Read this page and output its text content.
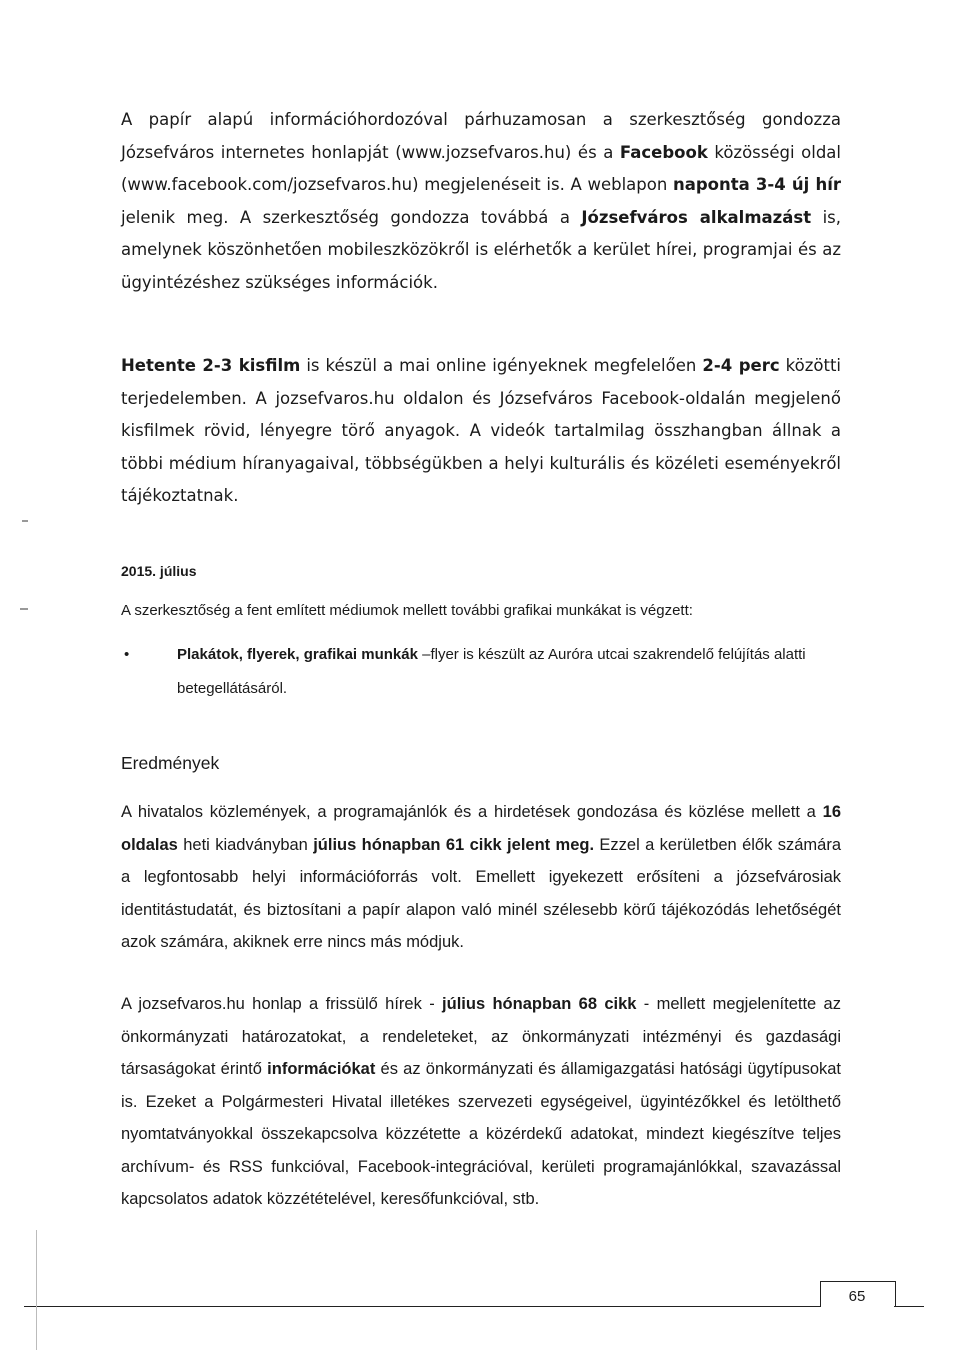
A papír alapú információhordozóval párhuzamosan a szerkesztőség gondozza Józsefváros internetes honlapját (www.jozsefvaros.hu) és a Facebook közösségi oldal (www.facebook.com/jozsefvaros.hu) megjelenéseit is. A weblapon naponta 3-4 új hír jelenik meg. A szerkesztőség gondozza továbbá a Józsefváros alkalmazást is, amelynek köszönhetően mobileszközökről is elérhetők a kerület hírei, programjai és az ügyintézéshez szükséges információk.

Hetente 2-3 kisfilm is készül a mai online igényeknek megfelelően 2-4 perc közötti terjedelemben. A jozsefvaros.hu oldalon és Józsefváros Facebook-oldalán megjelenő kisfilmek rövid, lényegre törő anyagok. A videók tartalmilag összhangban állnak a többi médium híranyagaival, többségükben a helyi kulturális és közéleti eseményekről tájékoztatnak.

2015. július

A szerkesztőség a fent említett médiumok mellett további grafikai munkákat is végzett:

•	Plakátok, flyerek, grafikai munkák –flyer is készült az Auróra utcai szakrendelő felújítás alatti
betegellátásáról.

Eredmények

A hivatalos közlemények, a programajánlók és a hirdetések gondozása és közlése mellett a 16 oldalas heti kiadványban július hónapban 61 cikk jelent meg. Ezzel a kerületben élők számára a legfontosabb helyi információforrás volt. Emellett igyekezett erősíteni a józsefvárosiak identitástudatát, és biztosítani a papír alapon való minél szélesebb körű tájékozódás lehetőségét azok számára, akiknek erre nincs más módjuk.

A jozsefvaros.hu honlap a frissülő hírek - július hónapban 68 cikk - mellett megjelenítette az önkormányzati határozatokat, a rendeleteket, az önkormányzati intézményi és gazdasági társaságokat érintő információkat és az önkormányzati és államigazgatási hatósági ügytípusokat is. Ezeket a Polgármesteri Hivatal illetékes szervezeti egységeivel, ügyintézőkkel és letölthető nyomtatványokkal összekapcsolva közzétette a közérdekű adatokat, mindezt kiegészítve teljes archívum- és RSS funkcióval, Facebook-integrációval, kerületi programajánlókkal, szavazással kapcsolatos adatok közzétételével, keresőfunkcióval, stb.

65
